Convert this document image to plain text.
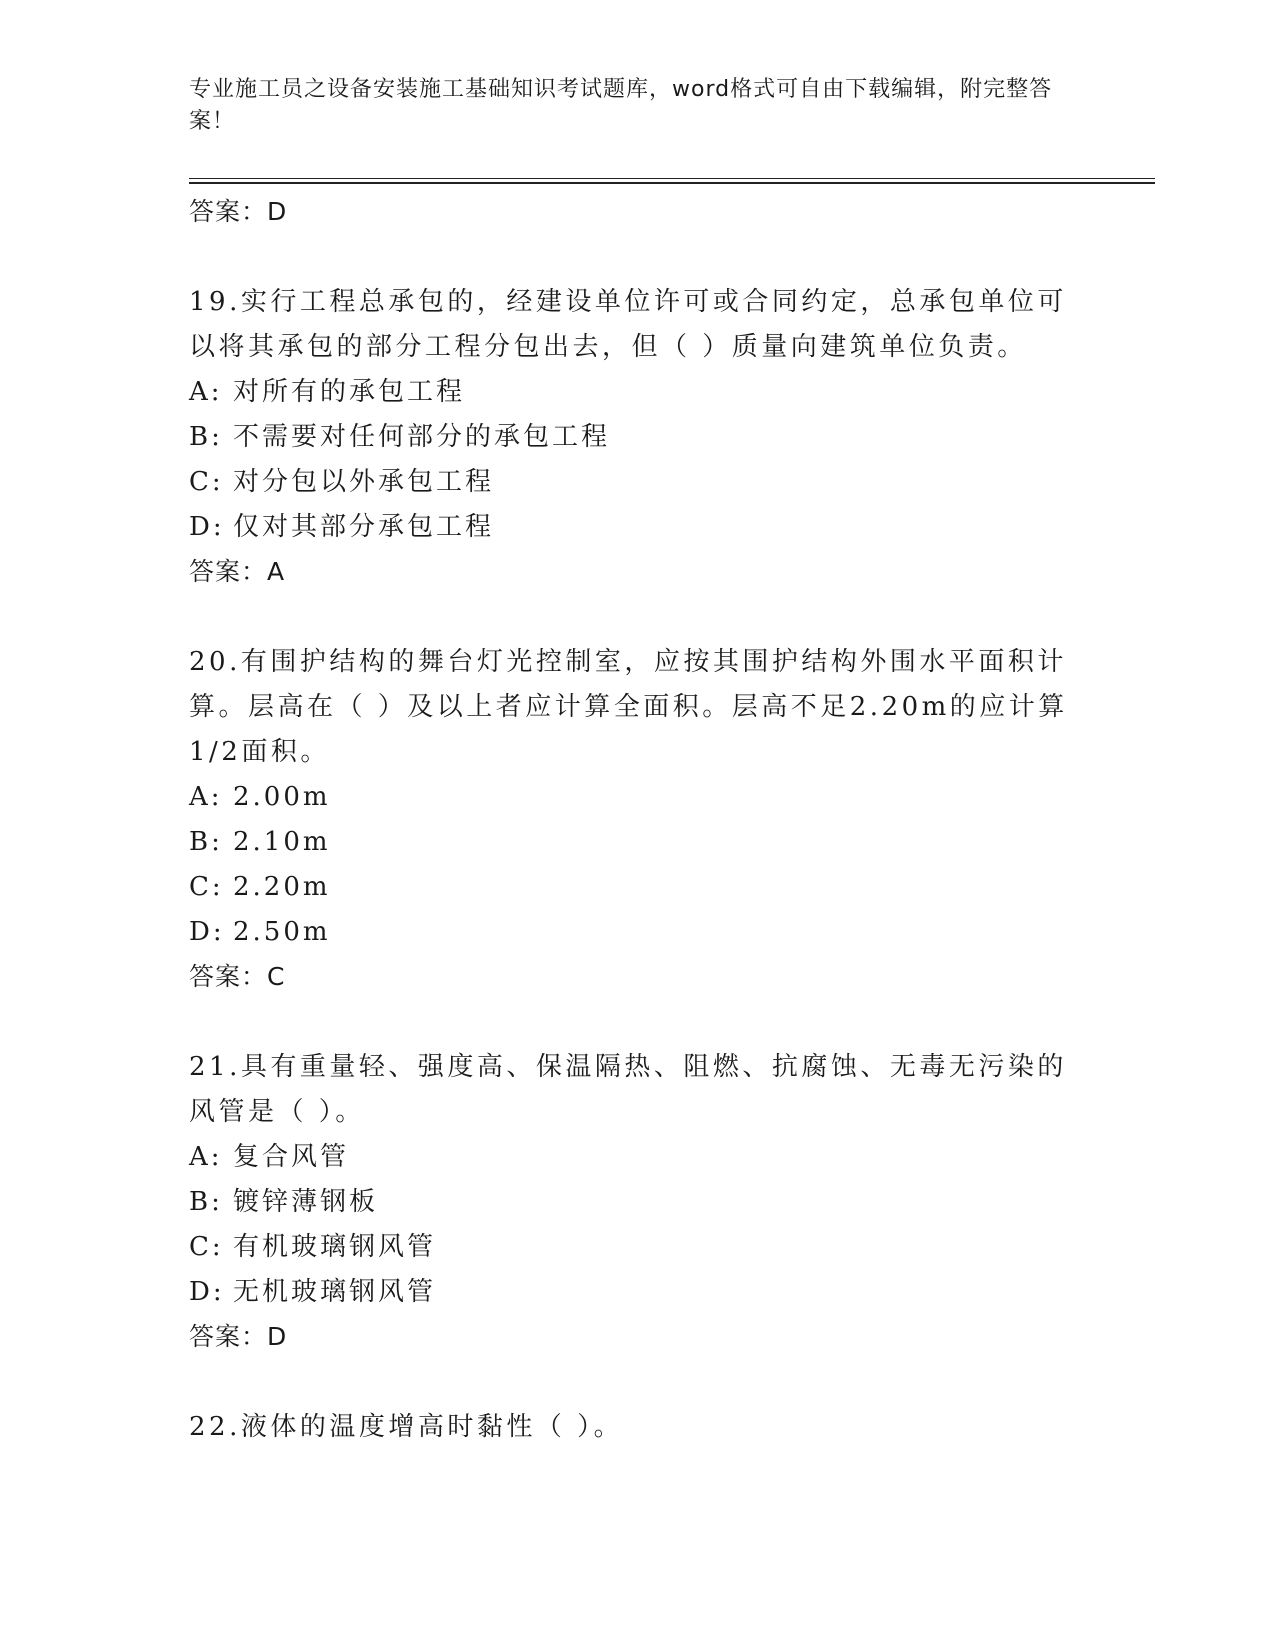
专业施工员之设备安装施工基础知识考试题库，word格式可自由下载编辑，附完整答案！
答案：D
19.实行工程总承包的，经建设单位许可或合同约定，总承包单位可以将其承包的部分工程分包出去，但（ ）质量向建筑单位负责。
A: 对所有的承包工程
B: 不需要对任何部分的承包工程
C: 对分包以外承包工程
D: 仅对其部分承包工程
答案：A
20.有围护结构的舞台灯光控制室，应按其围护结构外围水平面积计算。层高在（ ）及以上者应计算全面积。层高不足2.20m的应计算1/2面积。
A: 2.00m
B: 2.10m
C: 2.20m
D: 2.50m
答案：C
21.具有重量轻、强度高、保温隔热、阻燃、抗腐蚀、无毒无污染的风管是（ ）。
A: 复合风管
B: 镀锌薄钢板
C: 有机玻璃钢风管
D: 无机玻璃钢风管
答案：D
22.液体的温度增高时黏性（ ）。
